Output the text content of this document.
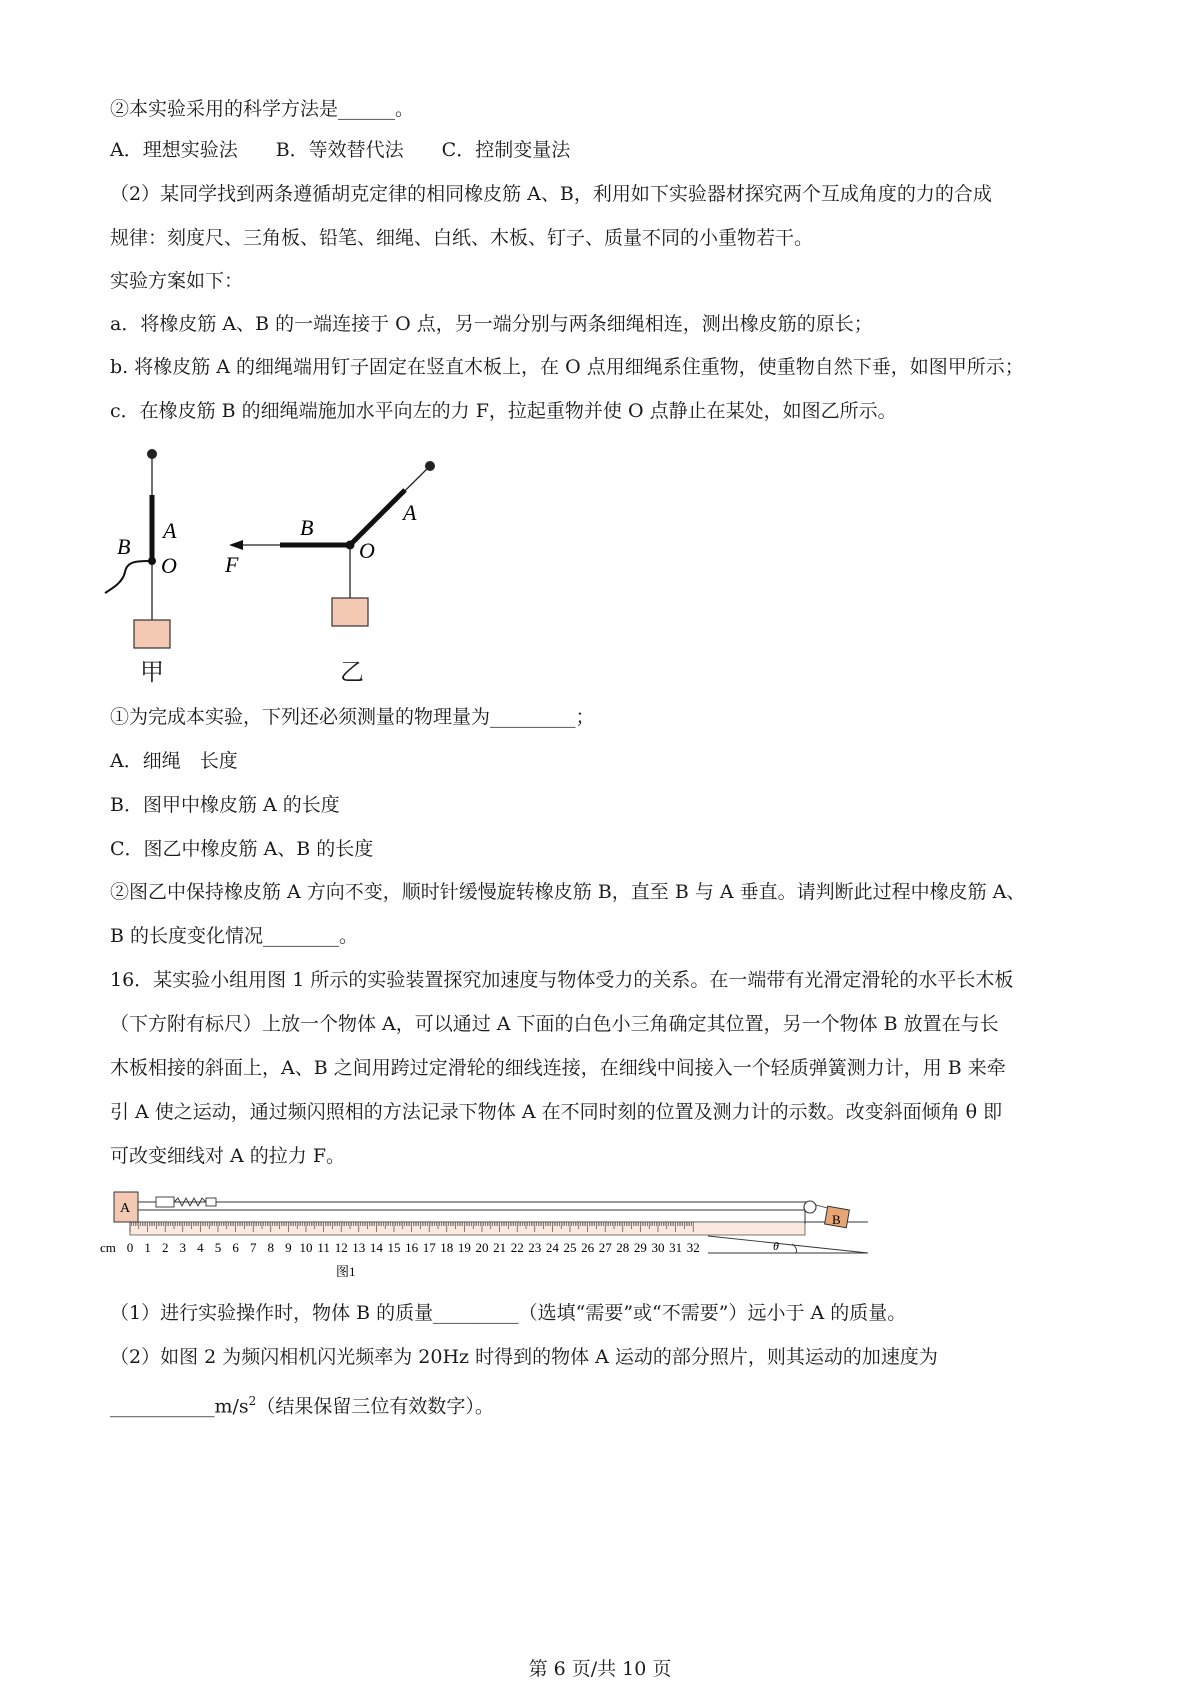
②本实验采用的科学方法是______。
A．理想实验法　　B．等效替代法　　C．控制变量法
（2）某同学找到两条遵循胡克定律的相同橡皮筋 A、B，利用如下实验器材探究两个互成角度的力的合成
规律：刻度尺、三角板、铅笔、细绳、白纸、木板、钉子、质量不同的小重物若干。
实验方案如下：
a．将橡皮筋 A、B 的一端连接于 O 点，另一端分别与两条细绳相连，测出橡皮筋的原长；
b. 将橡皮筋 A 的细绳端用钉子固定在竖直木板上，在 O 点用细绳系住重物，使重物自然下垂，如图甲所示；
c．在橡皮筋 B 的细绳端施加水平向左的力 F，拉起重物并使 O 点静止在某处，如图乙所示。
A
B
O
甲
B
A
O
F
乙
①为完成本实验，下列还必须测量的物理量为_________；
A．细绳　长度
B．图甲中橡皮筋 A 的长度
C．图乙中橡皮筋 A、B 的长度
②图乙中保持橡皮筋 A 方向不变，顺时针缓慢旋转橡皮筋 B，直至 B 与 A 垂直。请判断此过程中橡皮筋 A、
B 的长度变化情况________。
16．某实验小组用图 1 所示的实验装置探究加速度与物体受力的关系。在一端带有光滑定滑轮的水平长木板
（下方附有标尺）上放一个物体 A，可以通过 A 下面的白色小三角确定其位置，另一个物体 B 放置在与长
木板相接的斜面上，A、B 之间用跨过定滑轮的细线连接，在细线中间接入一个轻质弹簧测力计，用 B 来牵
引 A 使之运动，通过频闪照相的方法记录下物体 A 在不同时刻的位置及测力计的示数。改变斜面倾角 θ 即
可改变细线对 A 的拉力 F。
A
B
θ
0 1 2 3 4 5 6 7 8 9 10 11 12 13 14 15 16 17 18 19 20 21 22 23 24 25 26 27 28 29 30 31 32
cm
图1
（1）进行实验操作时，物体 B 的质量_________（选填“需要”或“不需要”）远小于 A 的质量。
（2）如图 2 为频闪相机闪光频率为 20Hz 时得到的物体 A 运动的部分照片，则其运动的加速度为
$\_\_\_\_\_\_\_\_\_\_\_m/s^2$（结果保留三位有效数字）。
第 6 页/共 10 页
